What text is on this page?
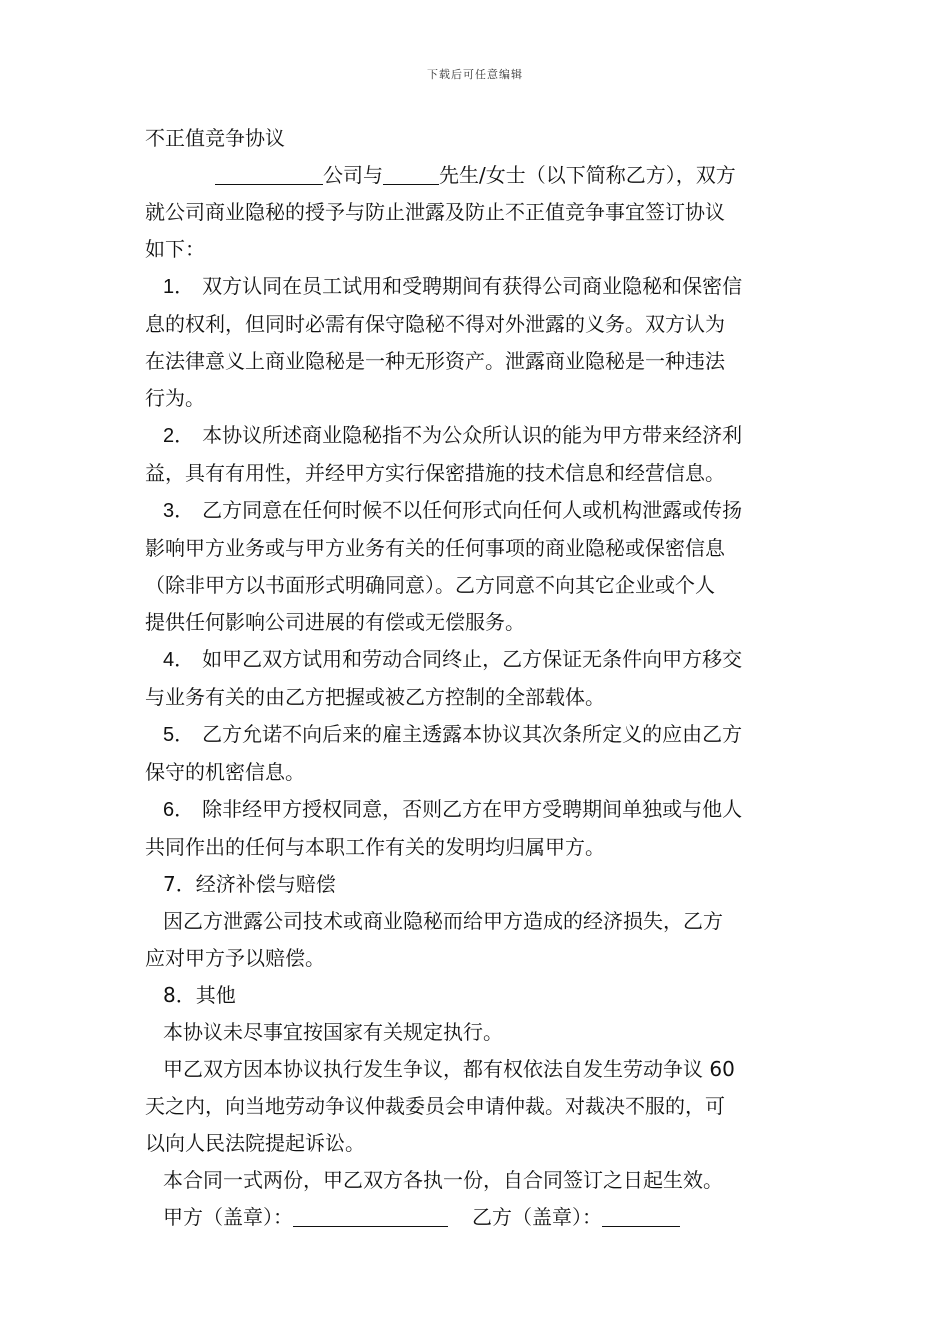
下载后可任意编辑
不正值竞争协议
公司与	先生/女士（以下简称乙方），双方
就公司商业隐秘的授予与防止泄露及防止不正值竞争事宜签订协议
如下：
1． 双方认同在员工试用和受聘期间有获得公司商业隐秘和保密信
息的权利，但同时必需有保守隐秘不得对外泄露的义务。双方认为
在法律意义上商业隐秘是一种无形资产。泄露商业隐秘是一种违法
行为。
2． 本协议所述商业隐秘指不为公众所认识的能为甲方带来经济利
益，具有有用性，并经甲方实行保密措施的技术信息和经营信息。
3． 乙方同意在任何时候不以任何形式向任何人或机构泄露或传扬
影响甲方业务或与甲方业务有关的任何事项的商业隐秘或保密信息
（除非甲方以书面形式明确同意）。乙方同意不向其它企业或个人
提供任何影响公司进展的有偿或无偿服务。
4． 如甲乙双方试用和劳动合同终止，乙方保证无条件向甲方移交
与业务有关的由乙方把握或被乙方控制的全部载体。
5． 乙方允诺不向后来的雇主透露本协议其次条所定义的应由乙方
保守的机密信息。
6． 除非经甲方授权同意，否则乙方在甲方受聘期间单独或与他人
共同作出的任何与本职工作有关的发明均归属甲方。
7．经济补偿与赔偿
因乙方泄露公司技术或商业隐秘而给甲方造成的经济损失，乙方
应对甲方予以赔偿。
8．其他
本协议未尽事宜按国家有关规定执行。
甲乙双方因本协议执行发生争议，都有权依法自发生劳动争议 60
天之内，向当地劳动争议仲裁委员会申请仲裁。对裁决不服的，可
以向人民法院提起诉讼。
本合同一式两份，甲乙双方各执一份，自合同签订之日起生效。
甲方（盖章）：	乙方（盖章）：
